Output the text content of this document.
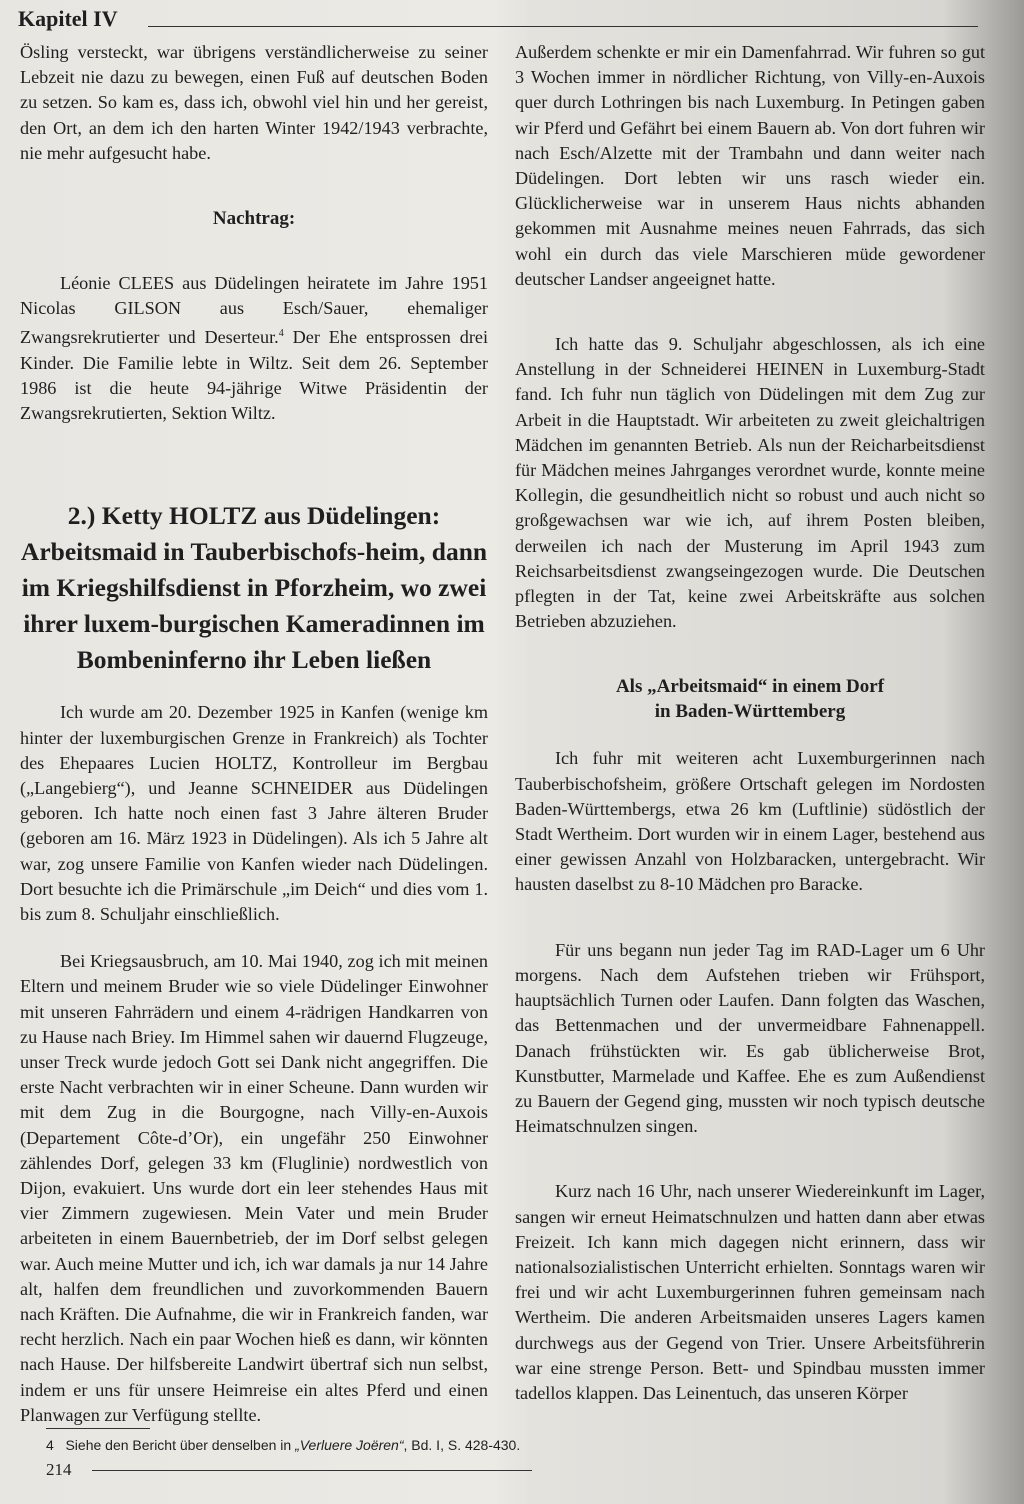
Kapitel IV

Ösling versteckt, war übrigens verständlicherweise zu seiner Lebzeit nie dazu zu bewegen, einen Fuß auf deutschen Boden zu setzen. So kam es, dass ich, obwohl viel hin und her gereist, den Ort, an dem ich den harten Winter 1942/1943 verbrachte, nie mehr aufgesucht habe.

Nachtrag:

Léonie CLEES aus Düdelingen heiratete im Jahre 1951 Nicolas GILSON aus Esch/Sauer, ehemaliger Zwangsrekrutierter und Deserteur.$^4$ Der Ehe entsprossen drei Kinder. Die Familie lebte in Wiltz. Seit dem 26. September 1986 ist die heute 94-jährige Witwe Präsidentin der Zwangsrekrutierten, Sektion Wiltz.

2.) Ketty HOLTZ aus Düdelingen: Arbeitsmaid in Tauberbischofs-heim, dann im Kriegshilfsdienst in Pforzheim, wo zwei ihrer luxem-burgischen Kameradinnen im Bombeninferno ihr Leben ließen

Ich wurde am 20. Dezember 1925 in Kanfen (wenige km hinter der luxemburgischen Grenze in Frankreich) als Tochter des Ehepaares Lucien HOLTZ, Kontrolleur im Bergbau („Langebierg“), und Jeanne SCHNEIDER aus Düdelingen geboren. Ich hatte noch einen fast 3 Jahre älteren Bruder (geboren am 16. März 1923 in Düdelingen). Als ich 5 Jahre alt war, zog unsere Familie von Kanfen wieder nach Düdelingen. Dort besuchte ich die Primärschule „im Deich“ und dies vom 1. bis zum 8. Schuljahr einschließlich.

Bei Kriegsausbruch, am 10. Mai 1940, zog ich mit meinen Eltern und meinem Bruder wie so viele Düdelinger Einwohner mit unseren Fahrrädern und einem 4-rädrigen Handkarren von zu Hause nach Briey. Im Himmel sahen wir dauernd Flugzeuge, unser Treck wurde jedoch Gott sei Dank nicht angegriffen. Die erste Nacht verbrachten wir in einer Scheune. Dann wurden wir mit dem Zug in die Bourgogne, nach Villy-en-Auxois (Departement Côte-d’Or), ein ungefähr 250 Einwohner zählendes Dorf, gelegen 33 km (Fluglinie) nordwestlich von Dijon, evakuiert. Uns wurde dort ein leer stehendes Haus mit vier Zimmern zugewiesen. Mein Vater und mein Bruder arbeiteten in einem Bauernbetrieb, der im Dorf selbst gelegen war. Auch meine Mutter und ich, ich war damals ja nur 14 Jahre alt, halfen dem freundlichen und zuvorkommenden Bauern nach Kräften. Die Aufnahme, die wir in Frankreich fanden, war recht herzlich. Nach ein paar Wochen hieß es dann, wir könnten nach Hause. Der hilfsbereite Landwirt übertraf sich nun selbst, indem er uns für unsere Heimreise ein altes Pferd und einen Planwagen zur Verfügung stellte.

Außerdem schenkte er mir ein Damenfahrrad. Wir fuhren so gut 3 Wochen immer in nördlicher Richtung, von Villy-en-Auxois quer durch Lothringen bis nach Luxemburg. In Petingen gaben wir Pferd und Gefährt bei einem Bauern ab. Von dort fuhren wir nach Esch/Alzette mit der Trambahn und dann weiter nach Düdelingen. Dort lebten wir uns rasch wieder ein. Glücklicherweise war in unserem Haus nichts abhanden gekommen mit Ausnahme meines neuen Fahrrads, das sich wohl ein durch das viele Marschieren müde gewordener deutscher Landser angeeignet hatte.

Ich hatte das 9. Schuljahr abgeschlossen, als ich eine Anstellung in der Schneiderei HEINEN in Luxemburg-Stadt fand. Ich fuhr nun täglich von Düdelingen mit dem Zug zur Arbeit in die Hauptstadt. Wir arbeiteten zu zweit gleichaltrigen Mädchen im genannten Betrieb. Als nun der Reicharbeitsdienst für Mädchen meines Jahrganges verordnet wurde, konnte meine Kollegin, die gesundheitlich nicht so robust und auch nicht so großgewachsen war wie ich, auf ihrem Posten bleiben, derweilen ich nach der Musterung im April 1943 zum Reichsarbeitsdienst zwangseingezogen wurde. Die Deutschen pflegten in der Tat, keine zwei Arbeitskräfte aus solchen Betrieben abzuziehen.

Als „Arbeitsmaid“ in einem Dorf
in Baden-Württemberg

Ich fuhr mit weiteren acht Luxemburgerinnen nach Tauberbischofsheim, größere Ortschaft gelegen im Nordosten Baden-Württembergs, etwa 26 km (Luftlinie) südöstlich der Stadt Wertheim. Dort wurden wir in einem Lager, bestehend aus einer gewissen Anzahl von Holzbaracken, untergebracht. Wir hausten daselbst zu 8-10 Mädchen pro Baracke.

Für uns begann nun jeder Tag im RAD-Lager um 6 Uhr morgens. Nach dem Aufstehen trieben wir Frühsport, hauptsächlich Turnen oder Laufen. Dann folgten das Waschen, das Bettenmachen und der unvermeidbare Fahnenappell. Danach frühstückten wir. Es gab üblicherweise Brot, Kunstbutter, Marmelade und Kaffee. Ehe es zum Außendienst zu Bauern der Gegend ging, mussten wir noch typisch deutsche Heimatschnulzen singen.

Kurz nach 16 Uhr, nach unserer Wiedereinkunft im Lager, sangen wir erneut Heimatschnulzen und hatten dann aber etwas Freizeit. Ich kann mich dagegen nicht erinnern, dass wir nationalsozialistischen Unterricht erhielten. Sonntags waren wir frei und wir acht Luxemburgerinnen fuhren gemeinsam nach Wertheim. Die anderen Arbeitsmaiden unseres Lagers kamen durchwegs aus der Gegend von Trier. Unsere Arbeitsführerin war eine strenge Person. Bett- und Spindbau mussten immer tadellos klappen. Das Leinentuch, das unseren Körper

4 Siehe den Bericht über denselben in „Verluere Joëren“, Bd. I, S. 428-430.
214
